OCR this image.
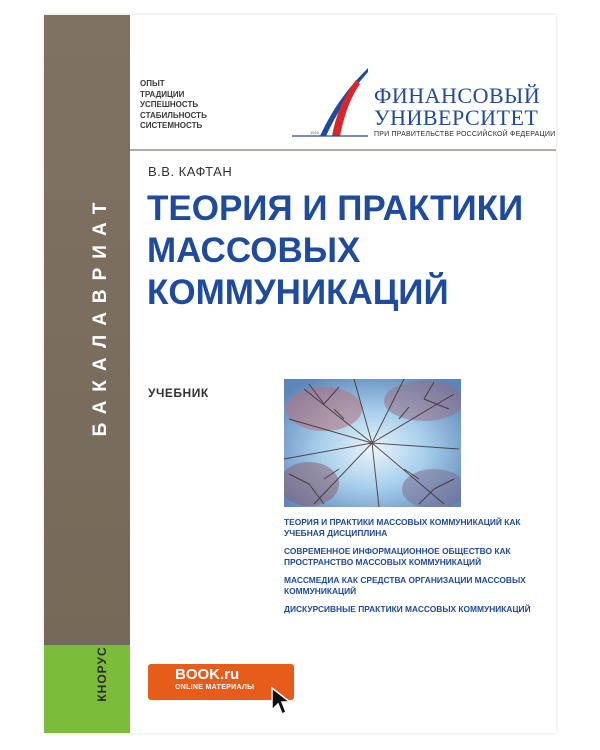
БАКАЛАВРИАТ
КНОРУС
ОПЫТ
ТРАДИЦИИ
УСПЕШНОСТЬ
СТАБИЛЬНОСТЬ
СИСТЕМНОСТЬ
1919
ФИНАНСОВЫЙ
УНИВЕРСИТЕТ
ПРИ ПРАВИТЕЛЬСТВЕ РОССИЙСКОЙ ФЕДЕРАЦИИ
В.В. КАФТАН
ТЕОРИЯ И ПРАКТИКИ
МАССОВЫХ
КОММУНИКАЦИЙ
УЧЕБНИК
ТЕОРИЯ И ПРАКТИКИ МАССОВЫХ КОММУНИКАЦИЙ КАК УЧЕБНАЯ ДИСЦИПЛИНА
СОВРЕМЕННОЕ ИНФОРМАЦИОННОЕ ОБЩЕСТВО КАК ПРОСТРАНСТВО МАССОВЫХ КОММУНИКАЦИЙ
МАССМЕДИА КАК СРЕДСТВА ОРГАНИЗАЦИИ МАССОВЫХ КОММУНИКАЦИЙ
ДИСКУРСИВНЫЕ ПРАКТИКИ МАССОВЫХ КОММУНИКАЦИЙ
BOOK.ru
ONLINE МАТЕРИАЛЫ
